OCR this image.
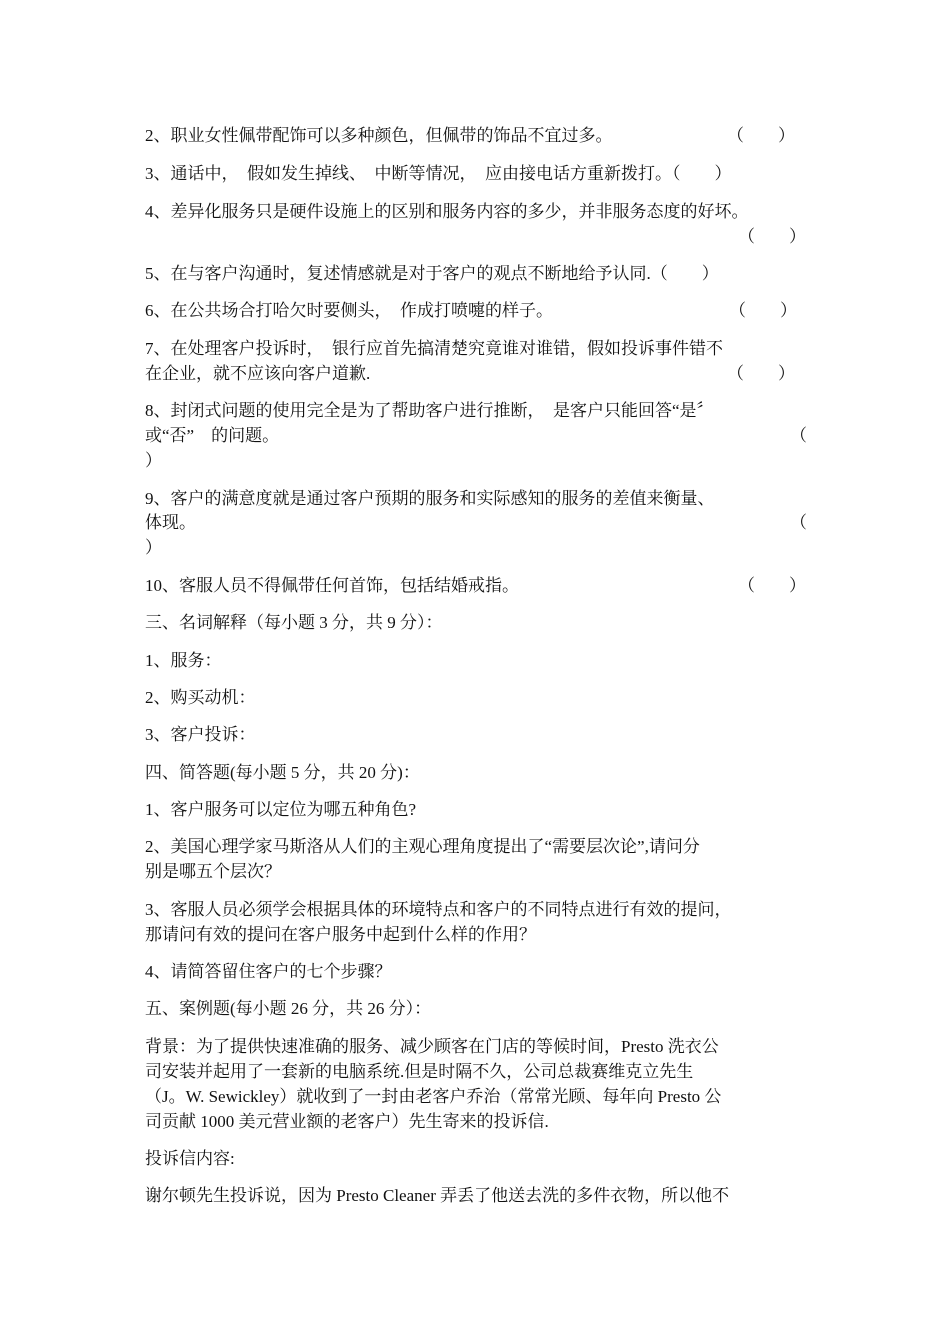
2、职业女性佩带配饰可以多种颜色，但佩带的饰品不宜过多。	（　　）
3、通话中，　假如发生掉线、　中断等情况，　应由接电话方重新拨打。（　　）
4、差异化服务只是硬件设施上的区别和服务内容的多少，并非服务态度的好坏。
（　　）
5、在与客户沟通时，复述情感就是对于客户的观点不断地给予认同.（　　）
6、在公共场合打哈欠时要侧头，　作成打喷嚏的样子。	（　　）
7、在处理客户投诉时，　银行应首先搞清楚究竟谁对谁错，假如投诉事件错不
在企业，就不应该向客户道歉.	（　　）
8、封闭式问题的使用完全是为了帮助客户进行推断，　是客户只能回答“是〞
或“否”　的问题。	（
）
9、客户的满意度就是通过客户预期的服务和实际感知的服务的差值来衡量、
体现。	（
）
10、客服人员不得佩带任何首饰，包括结婚戒指。	（　　）
三、名词解释（每小题 3 分，共 9 分）：
1、服务：
2、购买动机：
3、客户投诉：
四、简答题(每小题 5 分，共 20 分)：
1、客户服务可以定位为哪五种角色?
2、美国心理学家马斯洛从人们的主观心理角度提出了“需要层次论”,请问分
别是哪五个层次？
3、客服人员必须学会根据具体的环境特点和客户的不同特点进行有效的提问，
那请问有效的提问在客户服务中起到什么样的作用？
4、请简答留住客户的七个步骤？
五、案例题(每小题 26 分，共 26 分）：
背景：为了提供快速准确的服务、减少顾客在门店的等候时间，Presto 洗衣公
司安装并起用了一套新的电脑系统.但是时隔不久，公司总裁赛维克立先生
（J。W. Sewickley）就收到了一封由老客户乔治（常常光顾、每年向 Presto 公
司贡献 1000 美元营业额的老客户）先生寄来的投诉信.
投诉信内容:
谢尔顿先生投诉说，因为 Presto Cleaner 弄丢了他送去洗的多件衣物，所以他不
